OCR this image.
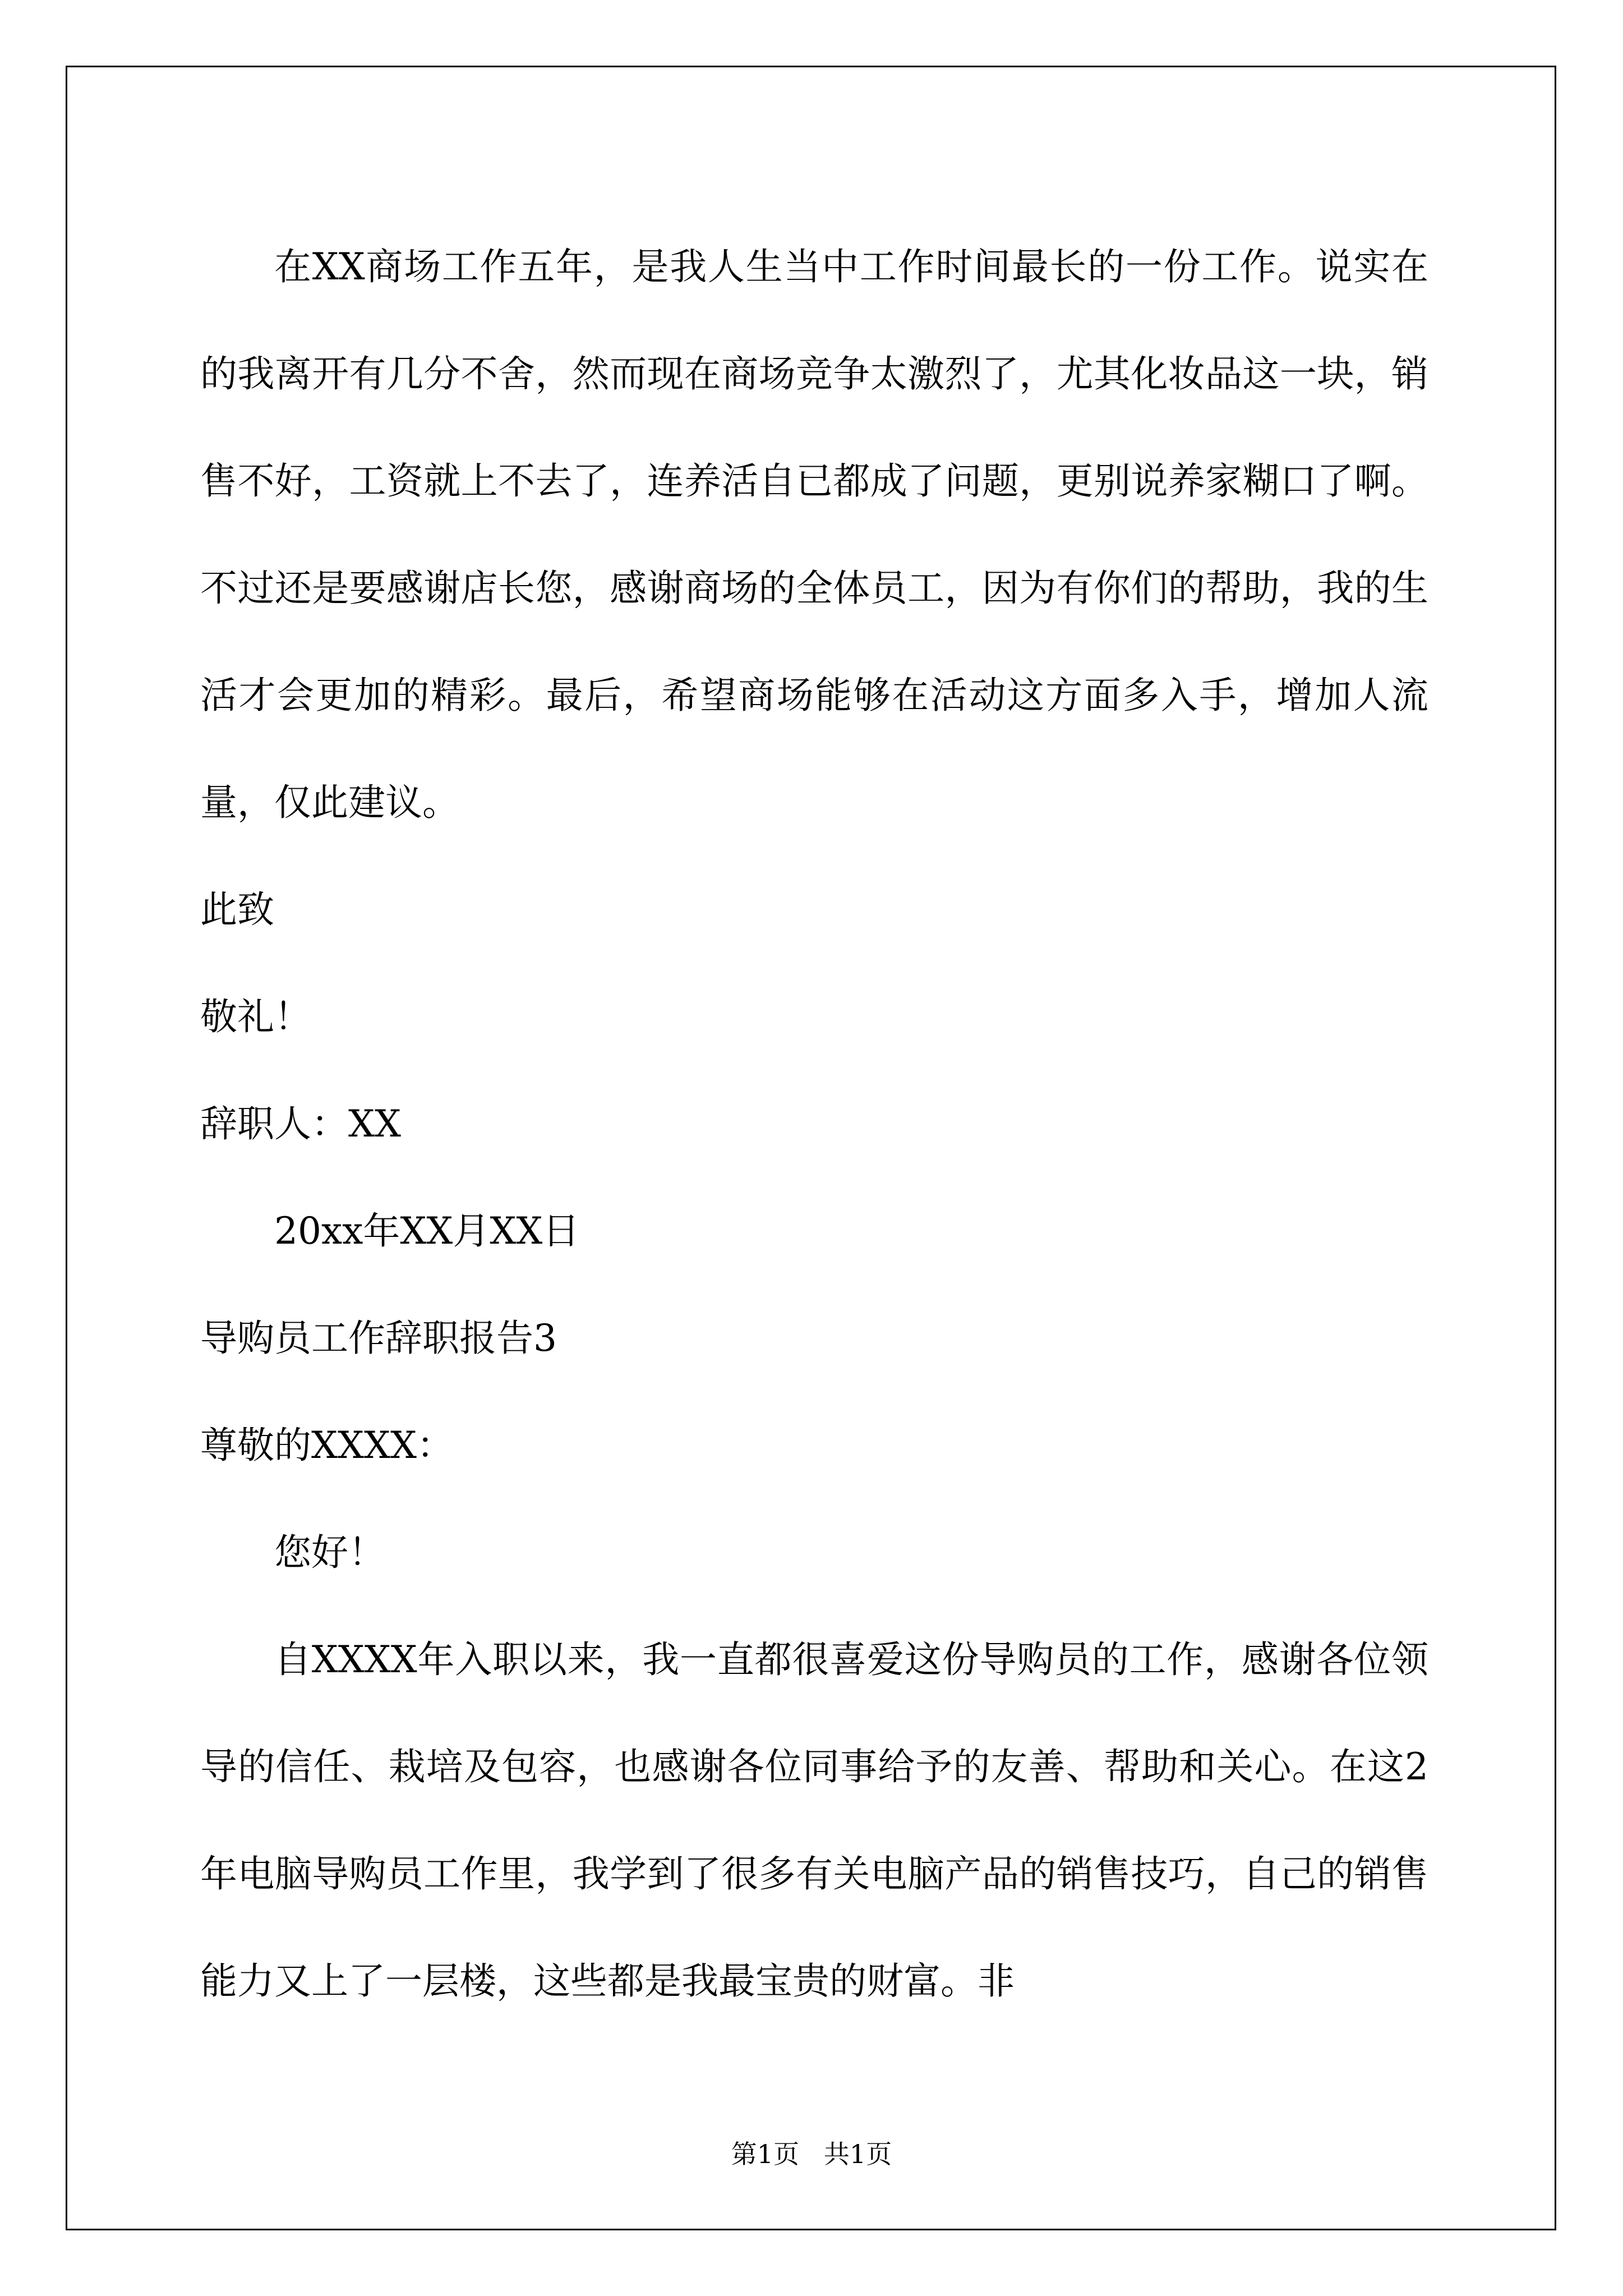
在XX商场工作五年，是我人生当中工作时间最长的一份工作。说实在的我离开有几分不舍，然而现在商场竞争太激烈了，尤其化妆品这一块，销售不好，工资就上不去了，连养活自已都成了问题，更别说养家糊口了啊。不过还是要感谢店长您，感谢商场的全体员工，因为有你们的帮助，我的生活才会更加的精彩。最后，希望商场能够在活动这方面多入手，增加人流量，仅此建议。

此致

敬礼！

辞职人：XX

20xx年XX月XX日

导购员工作辞职报告3

尊敬的XXXX：

您好！

自XXXX年入职以来，我一直都很喜爱这份导购员的工作，感谢各位领导的信任、栽培及包容，也感谢各位同事给予的友善、帮助和关心。在这2年电脑导购员工作里，我学到了很多有关电脑产品的销售技巧，自己的销售能力又上了一层楼，这些都是我最宝贵的财富。非

第1页   共1页
